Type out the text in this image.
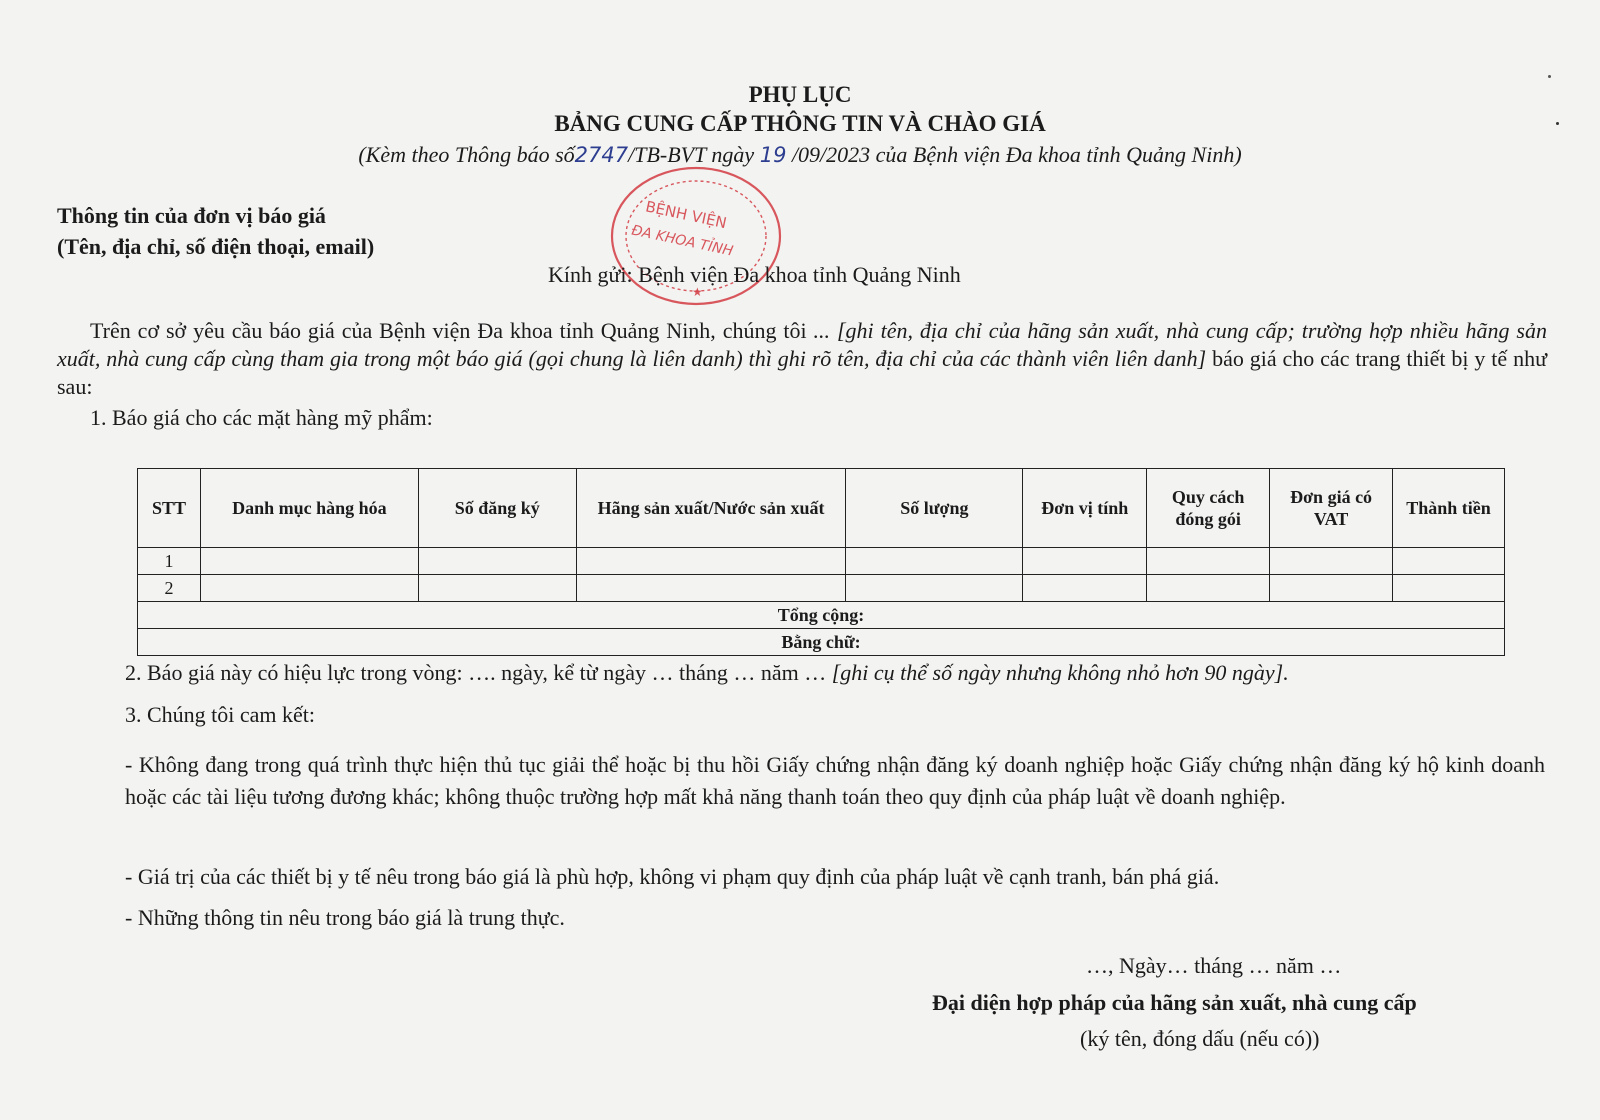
PHỤ LỤC
BẢNG CUNG CẤP THÔNG TIN VÀ CHÀO GIÁ
(Kèm theo Thông báo số2747/TB-BVT ngày 19 /09/2023 của Bệnh viện Đa khoa tỉnh Quảng Ninh)
BỆNH VIỆN
ĐA KHOA TỈNH
★
Thông tin của đơn vị báo giá
(Tên, địa chỉ, số điện thoại, email)
Kính gửi: Bệnh viện Đa khoa tỉnh Quảng Ninh
Trên cơ sở yêu cầu báo giá của Bệnh viện Đa khoa tỉnh Quảng Ninh, chúng tôi ... [ghi tên, địa chỉ của hãng sản xuất, nhà cung cấp; trường hợp nhiều hãng sản xuất, nhà cung cấp cùng tham gia trong một báo giá (gọi chung là liên danh) thì ghi rõ tên, địa chỉ của các thành viên liên danh] báo giá cho các trang thiết bị y tế như sau:
1. Báo giá cho các mặt hàng mỹ phẩm:
STT	Danh mục hàng hóa	Số đăng ký	Hãng sản xuất/Nước sản xuất	Số lượng	Đơn vị tính	Quy cách đóng gói	Đơn giá có VAT	Thành tiền
1								
2								
Tổng cộng:								
Bằng chữ:								
2. Báo giá này có hiệu lực trong vòng: …. ngày, kể từ ngày … tháng … năm … [ghi cụ thể số ngày nhưng không nhỏ hơn 90 ngày].
3. Chúng tôi cam kết:
- Không đang trong quá trình thực hiện thủ tục giải thể hoặc bị thu hồi Giấy chứng nhận đăng ký doanh nghiệp hoặc Giấy chứng nhận đăng ký hộ kinh doanh hoặc các tài liệu tương đương khác; không thuộc trường hợp mất khả năng thanh toán theo quy định của pháp luật về doanh nghiệp.
- Giá trị của các thiết bị y tế nêu trong báo giá là phù hợp, không vi phạm quy định của pháp luật về cạnh tranh, bán phá giá.
- Những thông tin nêu trong báo giá là trung thực.
…, Ngày… tháng … năm …
Đại diện hợp pháp của hãng sản xuất, nhà cung cấp
(ký tên, đóng dấu (nếu có))
